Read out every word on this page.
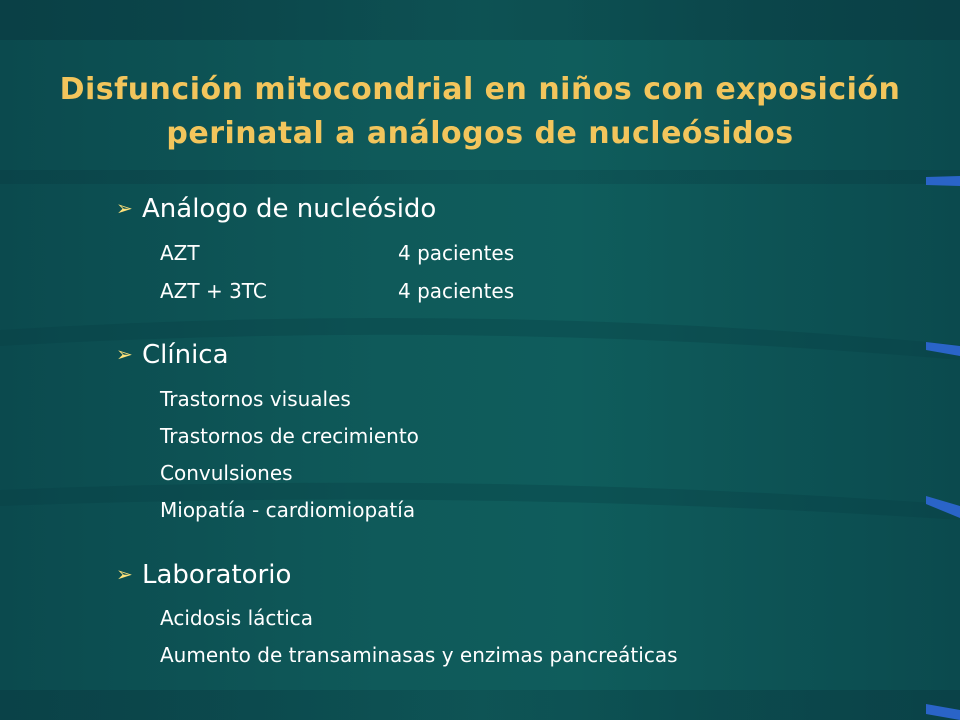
Disfunción mitocondrial en niños con exposición
perinatal a análogos de nucleósidos
➢ Análogo de nucleósido
AZT	4 pacientes
AZT + 3TC	4 pacientes
➢ Clínica
Trastornos visuales
Trastornos de crecimiento
Convulsiones
Miopatía - cardiomiopatía
➢ Laboratorio
Acidosis láctica
Aumento de transaminasas y enzimas pancreáticas
